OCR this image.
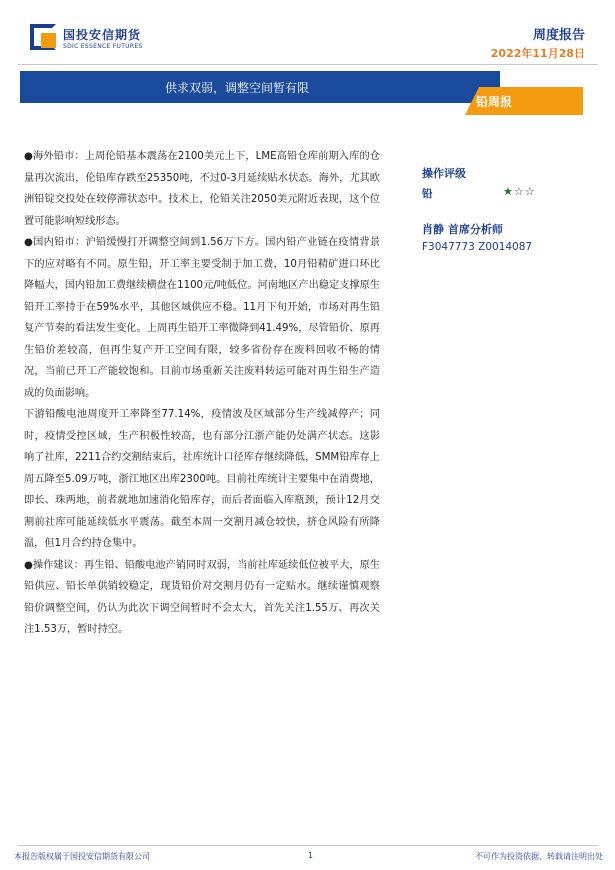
国投安信期货
SDIC ESSENCE FUTURES
周度报告
2022年11月28日
供求双弱，调整空间暂有限
铅周报

●海外铅市：上周伦铅基本震荡在2100美元上下，LME高铅仓库前期入库的仓量再次流出，伦铅库存跌至25350吨，不过0-3月延续贴水状态。海外，尤其欧洲铅锭交投处在较停滞状态中。技术上，伦铅关注2050美元附近表现，这个位置可能影响短线形态。

●国内铅市：沪铅缓慢打开调整空间到1.56万下方。国内铅产业链在疫情背景下的应对略有不同。原生铅，开工率主要受制于加工费，10月铅精矿进口环比降幅大，国内铅加工费继续横盘在1100元/吨低位。河南地区产出稳定支撑原生铅开工率持于在59%水平，其他区域供应不稳。11月下旬开始，市场对再生铅复产节奏的看法发生变化。上周再生铅开工率微降到41.49%，尽管铅价、原再生铅价差较高，但再生复产开工空间有限，较多省份存在废料回收不畅的情况，当前已开工产能较饱和。目前市场重新关注废料转运可能对再生铅生产造成的负面影响。

下游铅酸电池周度开工率降至77.14%，疫情波及区域部分生产线减停产；同时，疫情受控区域，生产积极性较高，也有部分江浙产能仍处满产状态。这影响了社库，2211合约交割结束后，社库统计口径库存继续降低，SMM铅库存上周五降至5.09万吨，浙江地区出库2300吨。目前社库统计主要集中在消费地，即长、珠两地，前者就地加速消化铅库存，而后者面临入库瓶颈，预计12月交割前社库可能延续低水平震荡。截至本周一交割月减仓较快，挤仓风险有所降温，但1月合约持仓集中。

●操作建议：再生铅、铅酸电池产销同时双弱，当前社库延续低位被平大，原生铅供应、铅长单供销较稳定，现货铅价对交割月仍有一定贴水。继续谨慎观察铅价调整空间，仍认为此次下调空间暂时不会太大，首先关注1.55万、再次关注1.53万，暂时持空。

操作评级
铅	★☆☆
肖静 首席分析师
F3047773 Z0014087
本报告版权属于国投安信期货有限公司	1	不可作为投资依据，转载请注明出处
